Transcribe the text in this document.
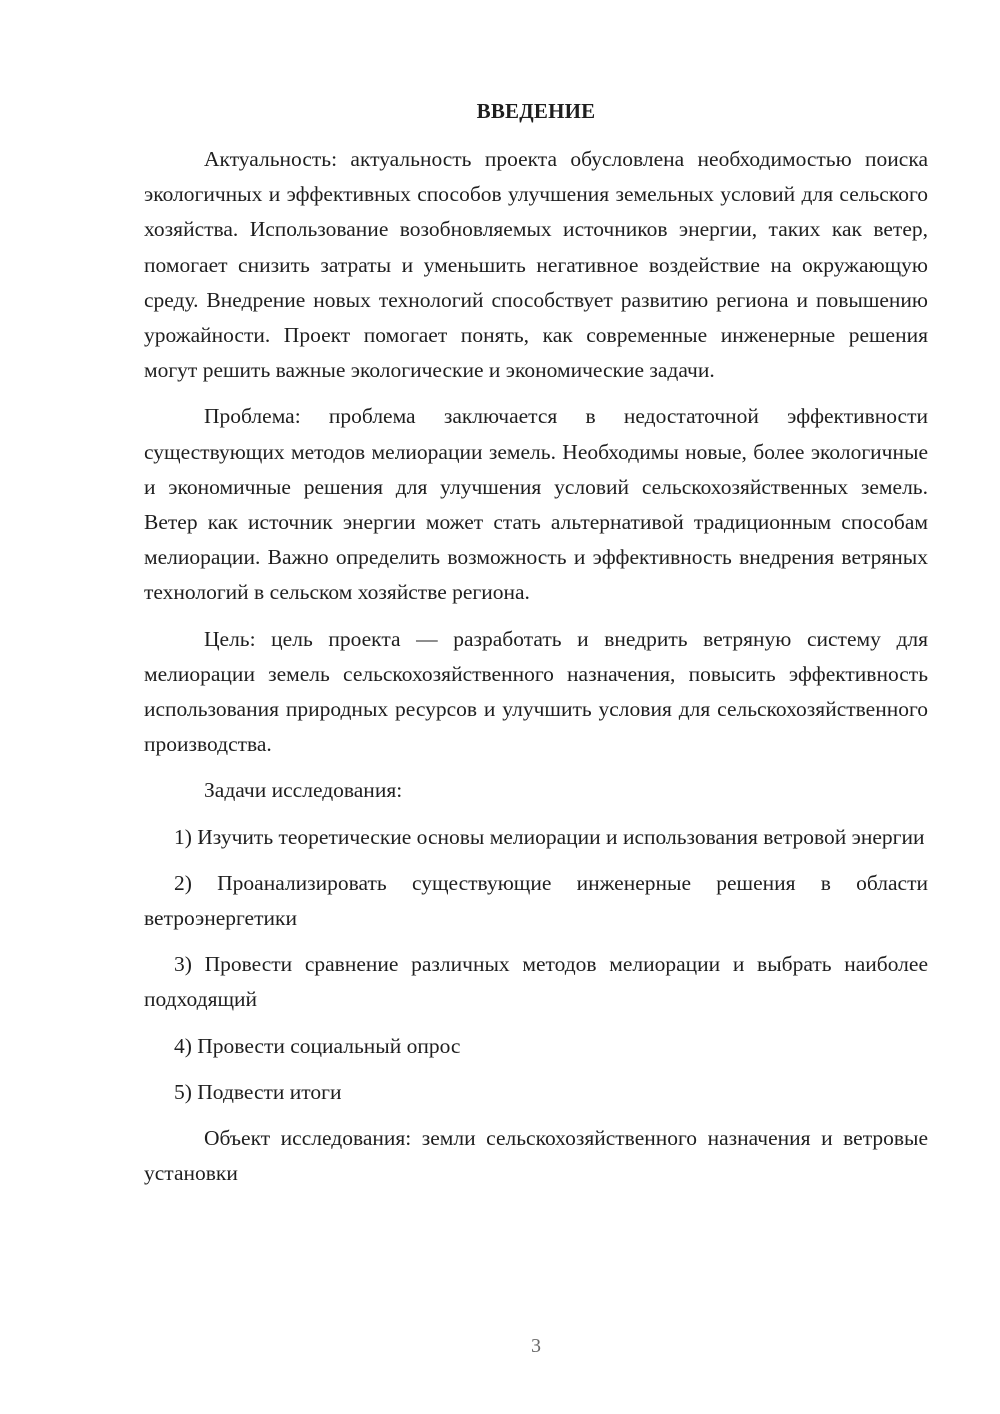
ВВЕДЕНИЕ

Актуальность: актуальность проекта обусловлена необходимостью поиска экологичных и эффективных способов улучшения земельных условий для сельского хозяйства. Использование возобновляемых источников энергии, таких как ветер, помогает снизить затраты и уменьшить негативное воздействие на окружающую среду. Внедрение новых технологий способствует развитию региона и повышению урожайности. Проект помогает понять, как современные инженерные решения могут решить важные экологические и экономические задачи.

Проблема: проблема заключается в недостаточной эффективности существующих методов мелиорации земель. Необходимы новые, более экологичные и экономичные решения для улучшения условий сельскохозяйственных земель. Ветер как источник энергии может стать альтернативой традиционным способам мелиорации. Важно определить возможность и эффективность внедрения ветряных технологий в сельском хозяйстве региона.

Цель: цель проекта — разработать и внедрить ветряную систему для мелиорации земель сельскохозяйственного назначения, повысить эффективность использования природных ресурсов и улучшить условия для сельскохозяйственного производства.

Задачи исследования:

1) Изучить теоретические основы мелиорации и использования ветровой энергии

2) Проанализировать существующие инженерные решения в области ветроэнергетики

3) Провести сравнение различных методов мелиорации и выбрать наиболее подходящий

4) Провести социальный опрос

5) Подвести итоги

Объект исследования: земли сельскохозяйственного назначения и ветровые установки

3
